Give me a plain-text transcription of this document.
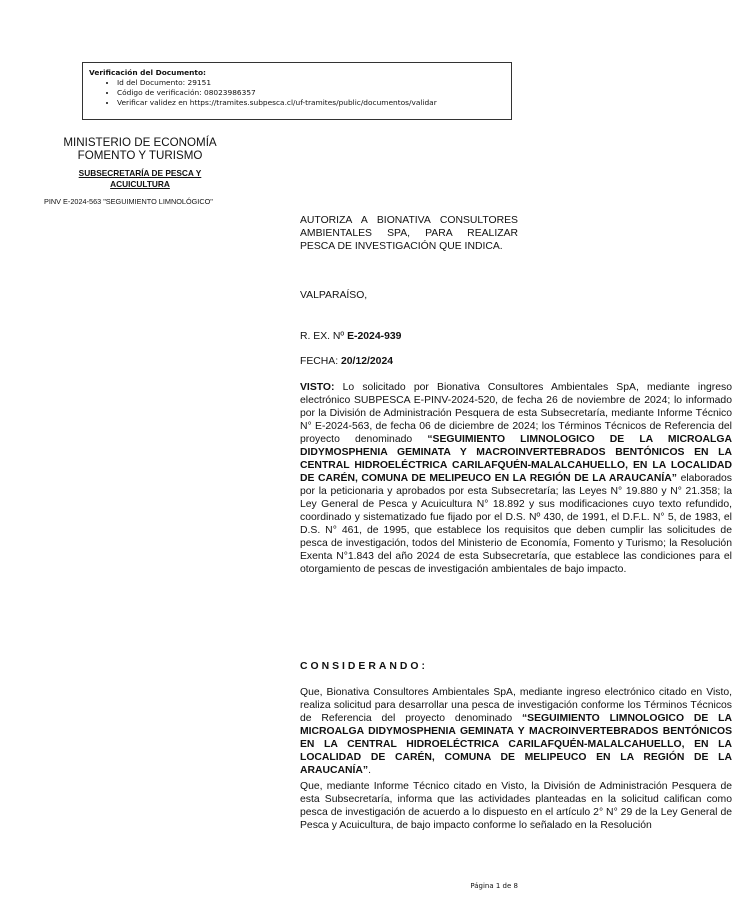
Verificación del Documento:
• Id del Documento: 29151
• Código de verificación: 08023986357
• Verificar validez en https://tramites.subpesca.cl/uf-tramites/public/documentos/validar
MINISTERIO DE ECONOMÍA
FOMENTO Y TURISMO
SUBSECRETARÍA DE PESCA Y
ACUICULTURA
PINV E-2024-563 "SEGUIMIENTO LIMNOLÓGICO"
AUTORIZA A BIONATIVA CONSULTORES AMBIENTALES SPA, PARA REALIZAR PESCA DE INVESTIGACIÓN QUE INDICA.
VALPARAÍSO,
R. EX. Nº E-2024-939
FECHA: 20/12/2024

VISTO: Lo solicitado por Bionativa Consultores Ambientales SpA, mediante ingreso electrónico SUBPESCA E-PINV-2024-520, de fecha 26 de noviembre de 2024; lo informado por la División de Administración Pesquera de esta Subsecretaría, mediante Informe Técnico N° E-2024-563, de fecha 06 de diciembre de 2024; los Términos Técnicos de Referencia del proyecto denominado “SEGUIMIENTO LIMNOLOGICO DE LA MICROALGA DIDYMOSPHENIA GEMINATA Y MACROINVERTEBRADOS BENTÓNICOS EN LA CENTRAL HIDROELÉCTRICA CARILAFQUÉN-MALALCAHUELLO, EN LA LOCALIDAD DE CARÉN, COMUNA DE MELIPEUCO EN LA REGIÓN DE LA ARAUCANÍA” elaborados por la peticionaria y aprobados por esta Subsecretaría; las Leyes N° 19.880 y N° 21.358; la Ley General de Pesca y Acuicultura N° 18.892 y sus modificaciones cuyo texto refundido, coordinado y sistematizado fue fijado por el D.S. Nº 430, de 1991, el D.F.L. N° 5, de 1983, el D.S. N° 461, de 1995, que establece los requisitos que deben cumplir las solicitudes de pesca de investigación, todos del Ministerio de Economía, Fomento y Turismo; la Resolución Exenta N°1.843 del año 2024 de esta Subsecretaría, que establece las condiciones para el otorgamiento de pescas de investigación ambientales de bajo impacto.

CONSIDERANDO:

Que, Bionativa Consultores Ambientales SpA, mediante ingreso electrónico citado en Visto, realiza solicitud para desarrollar una pesca de investigación conforme los Términos Técnicos de Referencia del proyecto denominado “SEGUIMIENTO LIMNOLOGICO DE LA MICROALGA DIDYMOSPHENIA GEMINATA Y MACROINVERTEBRADOS BENTÓNICOS EN LA CENTRAL HIDROELÉCTRICA CARILAFQUÉN-MALALCAHUELLO, EN LA LOCALIDAD DE CARÉN, COMUNA DE MELIPEUCO EN LA REGIÓN DE LA ARAUCANÍA”.

Que, mediante Informe Técnico citado en Visto, la División de Administración Pesquera de esta Subsecretaría, informa que las actividades planteadas en la solicitud califican como pesca de investigación de acuerdo a lo dispuesto en el artículo 2° N° 29 de la Ley General de Pesca y Acuicultura, de bajo impacto conforme lo señalado en la Resolución

Página 1 de 8
